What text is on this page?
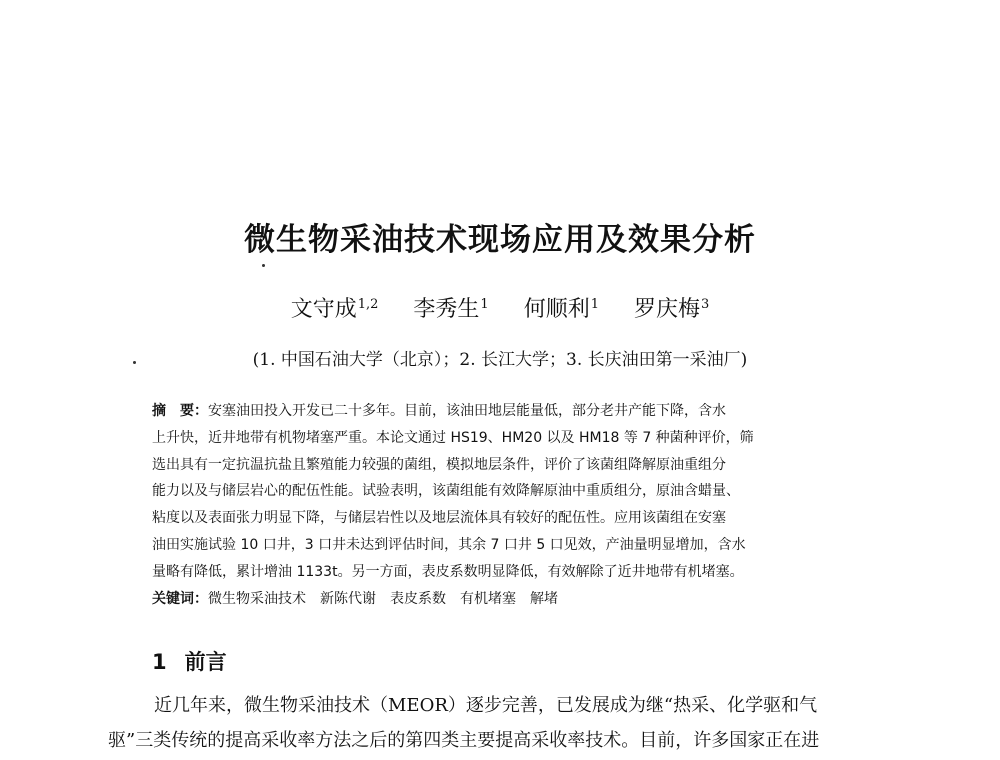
微生物采油技术现场应用及效果分析
文守成$^{1,2}$ 李秀生$^1$ 何顺利$^1$ 罗庆梅$^3$
(1. 中国石油大学（北京）；2. 长江大学；3. 长庆油田第一采油厂)
摘　要：安塞油田投入开发已二十多年。目前，该油田地层能量低，部分老井产能下降，含水
上升快，近井地带有机物堵塞严重。本论文通过 HS19、HM20 以及 HM18 等 7 种菌种评价，筛
选出具有一定抗温抗盐且繁殖能力较强的菌组，模拟地层条件，评价了该菌组降解原油重组分
能力以及与储层岩心的配伍性能。试验表明，该菌组能有效降解原油中重质组分，原油含蜡量、
粘度以及表面张力明显下降，与储层岩性以及地层流体具有较好的配伍性。应用该菌组在安塞
油田实施试验 10 口井，3 口井未达到评估时间，其余 7 口井 5 口见效，产油量明显增加，含水
量略有降低，累计增油 1133t。另一方面，表皮系数明显降低，有效解除了近井地带有机堵塞。
关键词：微生物采油技术　新陈代谢　表皮系数　有机堵塞　解堵
1 前言
近几年来，微生物采油技术（MEOR）逐步完善，已发展成为继“热采、化学驱和气
驱”三类传统的提高采收率方法之后的第四类主要提高采收率技术。目前，许多国家正在进
